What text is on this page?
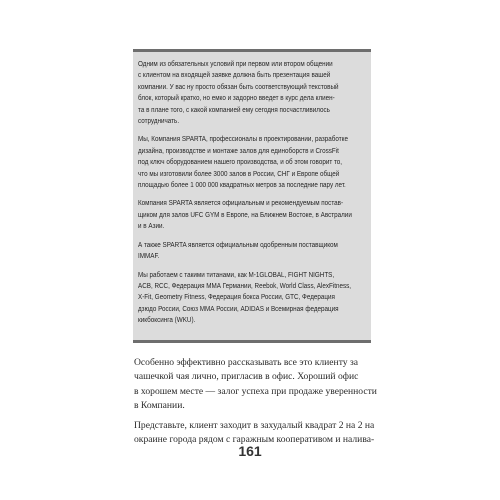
Одним из обязательных условий при первом или втором общении
с клиентом на входящей заявке должна быть презентация вашей
компании. У вас ну просто обязан быть соответствующий текстовый
блок, который кратко, но емко и задорно введет в курс дела клиен-
та в плане того, с какой компанией ему сегодня посчастливилось
сотрудничать.

Мы, Компания SPARTA, профессионалы в проектировании, разработке
дизайна, производстве и монтаже залов для единоборств и CrossFit
под ключ оборудованием нашего производства, и об этом говорит то,
что мы изготовили более 3000 залов в России, СНГ и Европе общей
площадью более 1 000 000 квадратных метров за последние пару лет.

Компания SPARTA является официальным и рекомендуемым постав-
щиком для залов UFC GYM в Европе, на Ближнем Востоке, в Австралии
и в Азии.

А также SPARTA является официальным одобренным поставщиком
IMMAF.

Мы работаем с такими титанами, как M-1GLOBAL, FIGHT NIGHTS,
ACB, RCC, Федерация ММА Германии, Reebok, World Class, AlexFitness,
X-Fit, Geometry Fitness, Федерация бокса России, GTC, Федерация
дзюдо России, Союз ММА России, ADIDAS и Всемирная федерация
кикбоксинга (WKU).

Особенно эффективно рассказывать все это клиенту за
чашечкой чая лично, пригласив в офис. Хороший офис
в хорошем месте — залог успеха при продаже уверенности
в Компании.

Представьте, клиент заходит в захудалый квадрат 2 на 2 на
окраине города рядом с гаражным кооперативом и налива-

161
